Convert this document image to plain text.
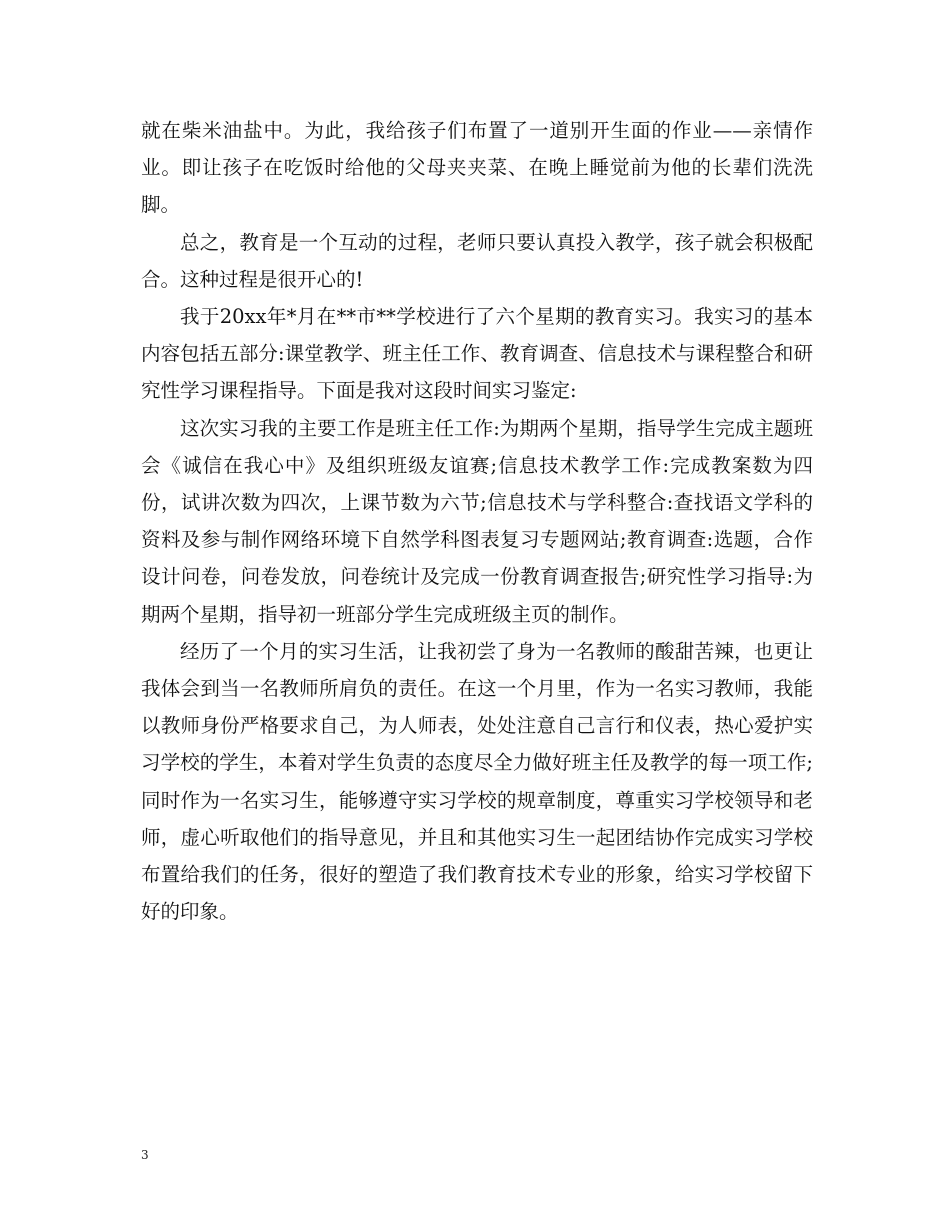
就在柴米油盐中。为此，我给孩子们布置了一道别开生面的作业——亲情作业。即让孩子在吃饭时给他的父母夹夹菜、在晚上睡觉前为他的长辈们洗洗脚。

总之，教育是一个互动的过程，老师只要认真投入教学，孩子就会积极配合。这种过程是很开心的!

我于20xx年*月在**市**学校进行了六个星期的教育实习。我实习的基本内容包括五部分:课堂教学、班主任工作、教育调查、信息技术与课程整合和研究性学习课程指导。下面是我对这段时间实习鉴定:

这次实习我的主要工作是班主任工作:为期两个星期，指导学生完成主题班会《诚信在我心中》及组织班级友谊赛;信息技术教学工作:完成教案数为四份，试讲次数为四次，上课节数为六节;信息技术与学科整合:查找语文学科的资料及参与制作网络环境下自然学科图表复习专题网站;教育调查:选题，合作设计问卷，问卷发放，问卷统计及完成一份教育调查报告;研究性学习指导:为期两个星期，指导初一班部分学生完成班级主页的制作。

经历了一个月的实习生活，让我初尝了身为一名教师的酸甜苦辣，也更让我体会到当一名教师所肩负的责任。在这一个月里，作为一名实习教师，我能以教师身份严格要求自己，为人师表，处处注意自己言行和仪表，热心爱护实习学校的学生，本着对学生负责的态度尽全力做好班主任及教学的每一项工作;同时作为一名实习生，能够遵守实习学校的规章制度，尊重实习学校领导和老师，虚心听取他们的指导意见，并且和其他实习生一起团结协作完成实习学校布置给我们的任务，很好的塑造了我们教育技术专业的形象，给实习学校留下好的印象。

3
